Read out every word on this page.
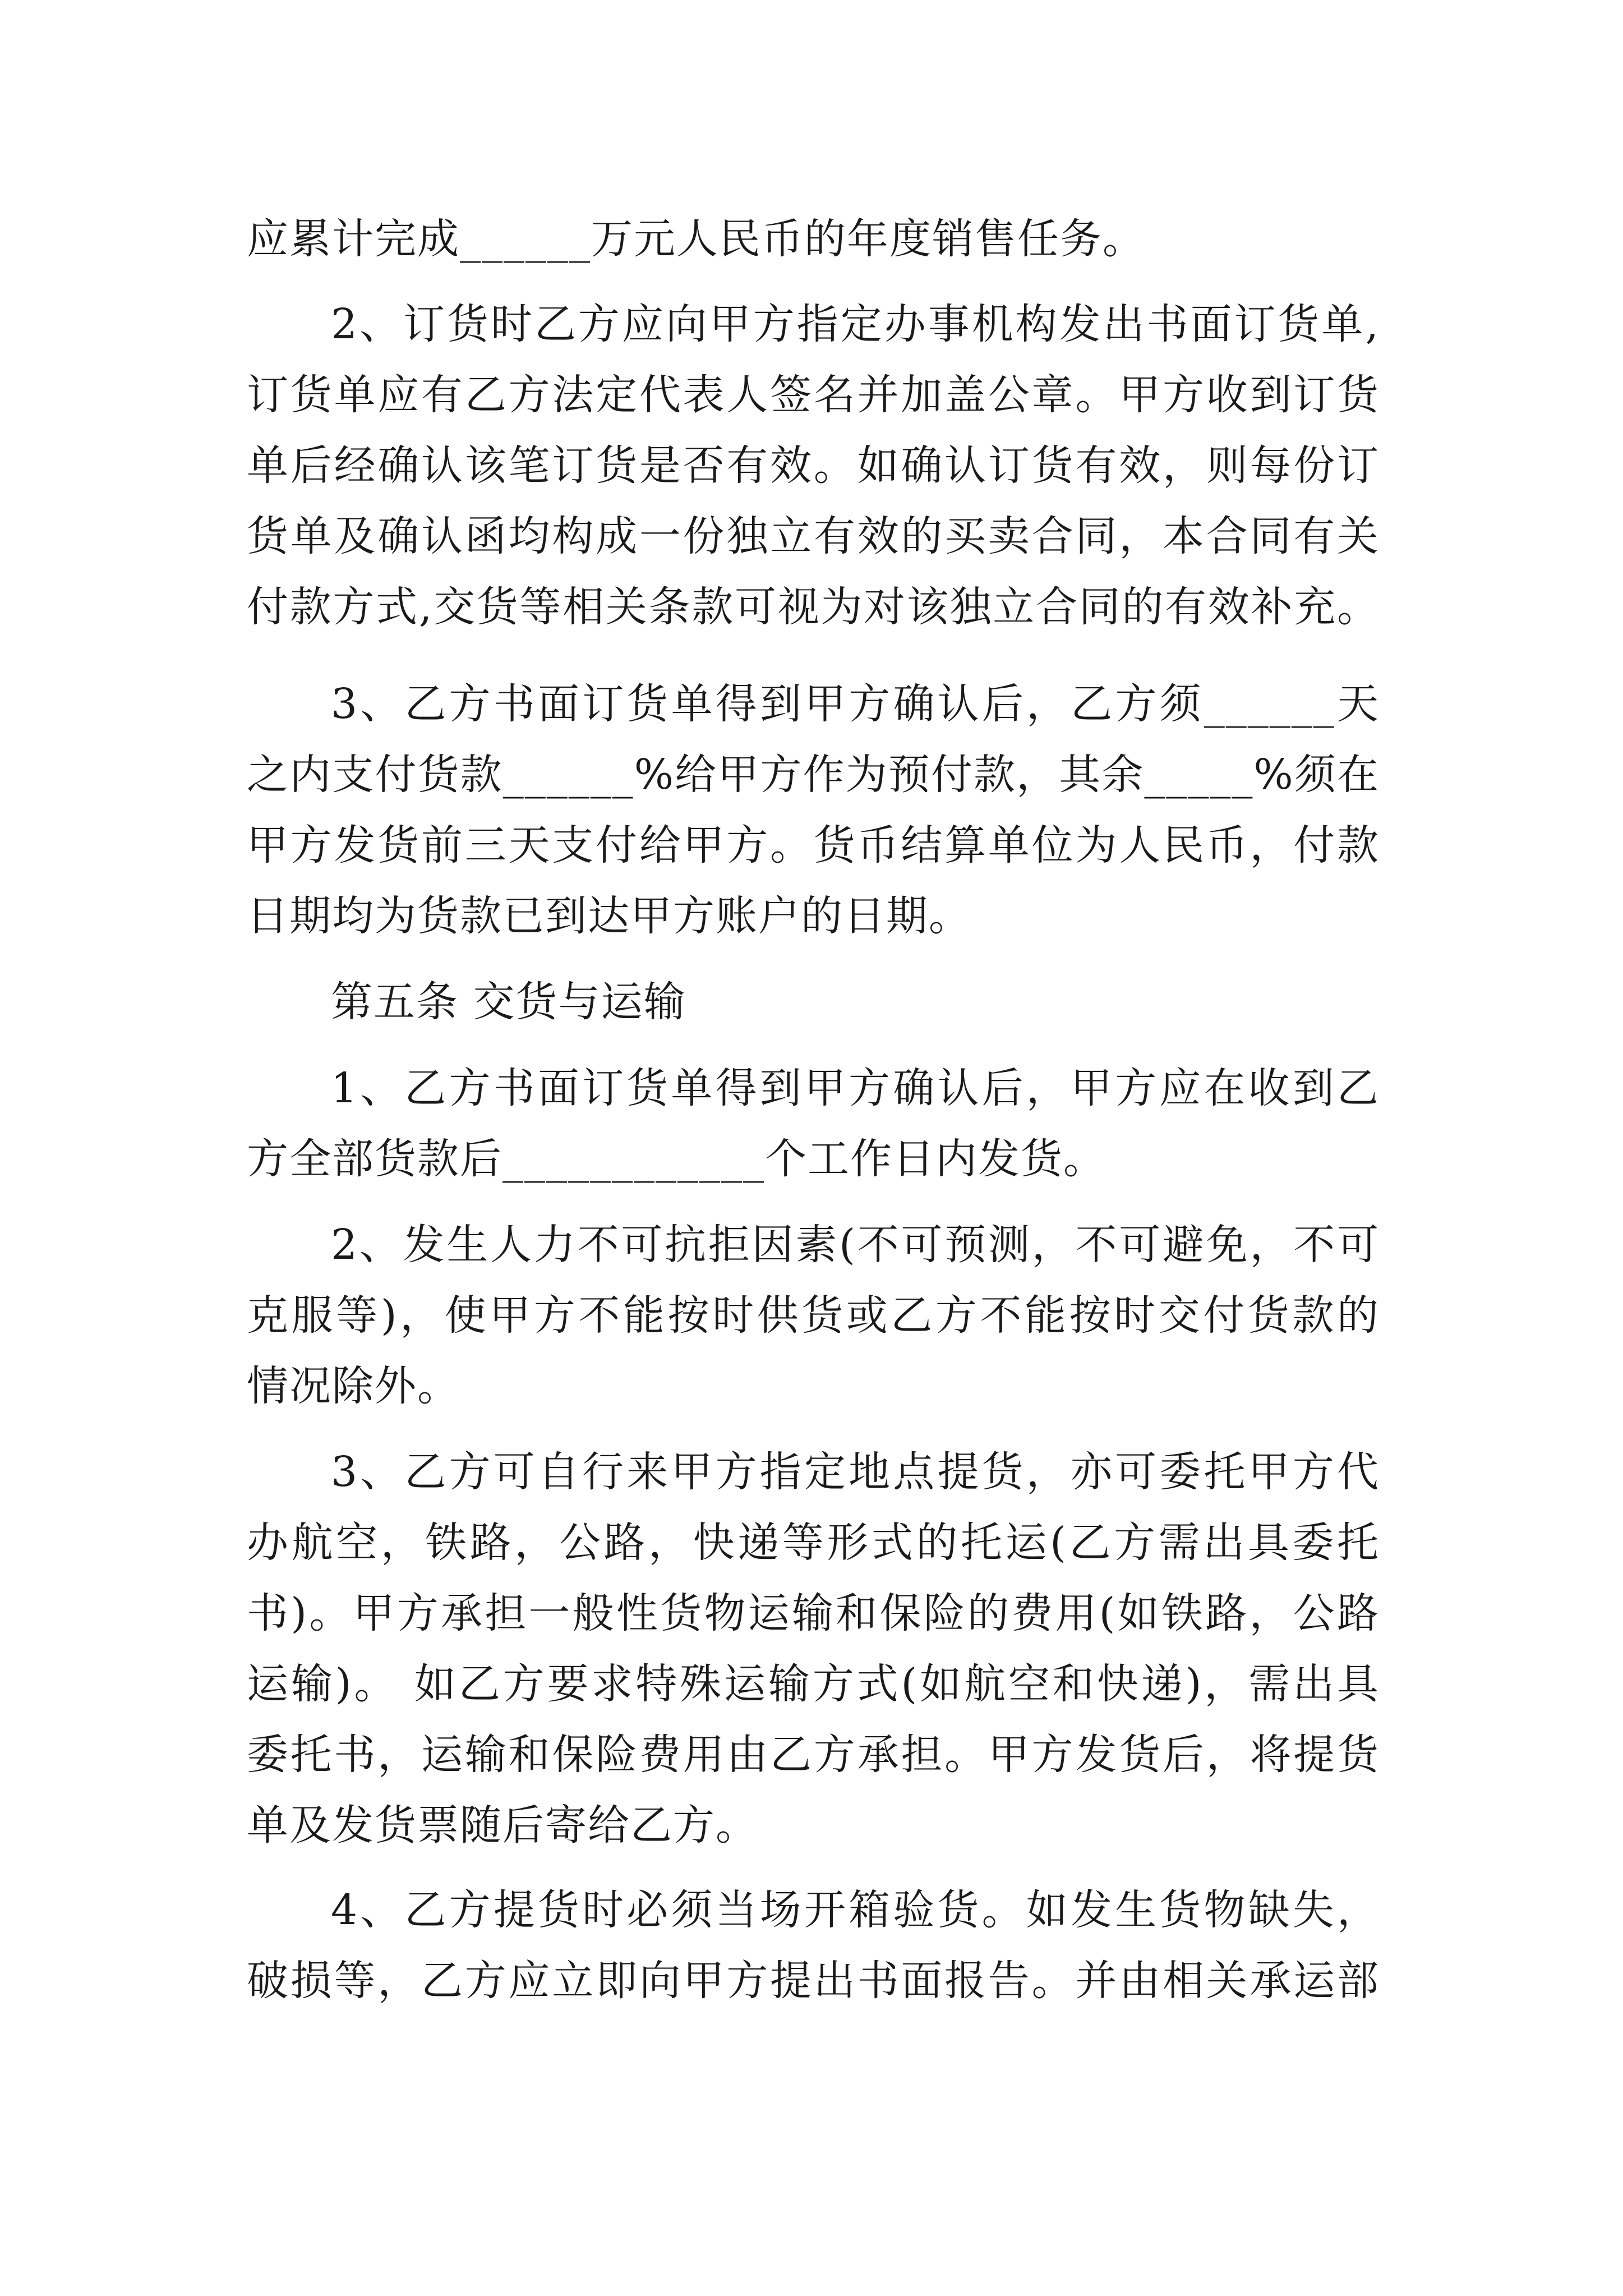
应累计完成______万元人民币的年度销售任务。
2、订货时乙方应向甲方指定办事机构发出书面订货单,
订货单应有乙方法定代表人签名并加盖公章。甲方收到订货
单后经确认该笔订货是否有效。如确认订货有效，则每份订
货单及确认函均构成一份独立有效的买卖合同，本合同有关
付款方式,交货等相关条款可视为对该独立合同的有效补充。
3、乙方书面订货单得到甲方确认后，乙方须______天
之内支付货款______%给甲方作为预付款，其余_____%须在
甲方发货前三天支付给甲方。货币结算单位为人民币，付款
日期均为货款已到达甲方账户的日期。
第五条 交货与运输
1、乙方书面订货单得到甲方确认后，甲方应在收到乙
方全部货款后____________个工作日内发货。
2、发生人力不可抗拒因素(不可预测，不可避免，不可
克服等)，使甲方不能按时供货或乙方不能按时交付货款的
情况除外。
3、乙方可自行来甲方指定地点提货，亦可委托甲方代
办航空，铁路，公路，快递等形式的托运(乙方需出具委托
书)。甲方承担一般性货物运输和保险的费用(如铁路，公路
运输)。 如乙方要求特殊运输方式(如航空和快递)，需出具
委托书，运输和保险费用由乙方承担。甲方发货后，将提货
单及发货票随后寄给乙方。
4、乙方提货时必须当场开箱验货。如发生货物缺失，
破损等，乙方应立即向甲方提出书面报告。并由相关承运部
